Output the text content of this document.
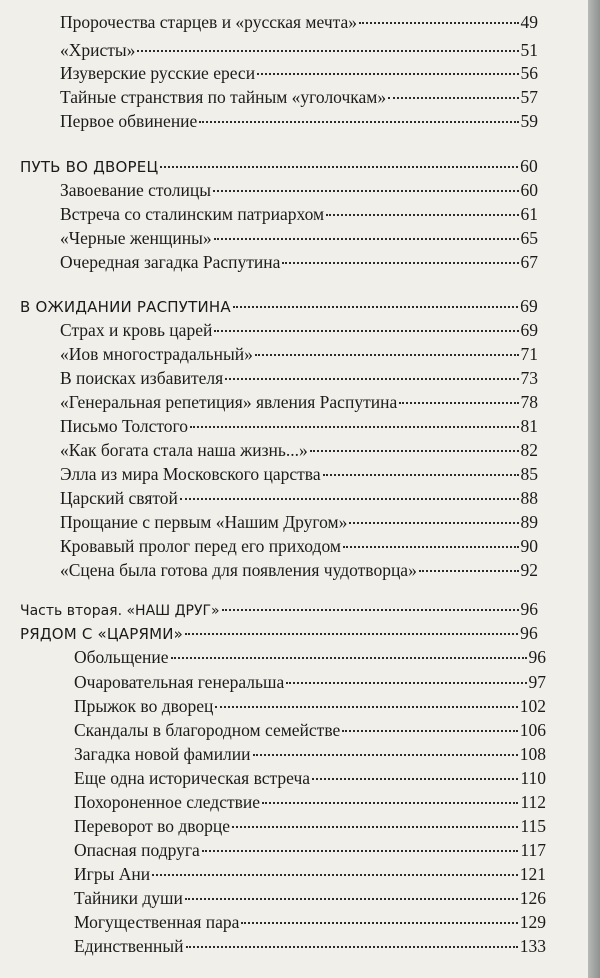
Пророчества старцев и «русская мечта»	49
«Христы»	51
Изуверские русские ереси	56
Тайные странствия по тайным «уголочкам»	57
Первое обвинение	59
ПУТЬ ВО ДВОРЕЦ	60
Завоевание столицы	60
Встреча со сталинским патриархом	61
«Черные женщины»	65
Очередная загадка Распутина	67
В ОЖИДАНИИ РАСПУТИНА	69
Страх и кровь царей	69
«Иов многострадальный»	71
В поисках избавителя	73
«Генеральная репетиция» явления Распутина	78
Письмо Толстого	81
«Как богата стала наша жизнь...»	82
Элла из мира Московского царства	85
Царский святой	88
Прощание с первым «Нашим Другом»	89
Кровавый пролог перед его приходом	90
«Сцена была готова для появления чудотворца»	92
Часть вторая. «НАШ ДРУГ»	96
РЯДОМ С «ЦАРЯМИ»	96
Обольщение	96
Очаровательная генеральша	97
Прыжок во дворец	102
Скандалы в благородном семействе	106
Загадка новой фамилии	108
Еще одна историческая встреча	110
Похороненное следствие	112
Переворот во дворце	115
Опасная подруга	117
Игры Ани	121
Тайники души	126
Могущественная пара	129
Единственный	133
